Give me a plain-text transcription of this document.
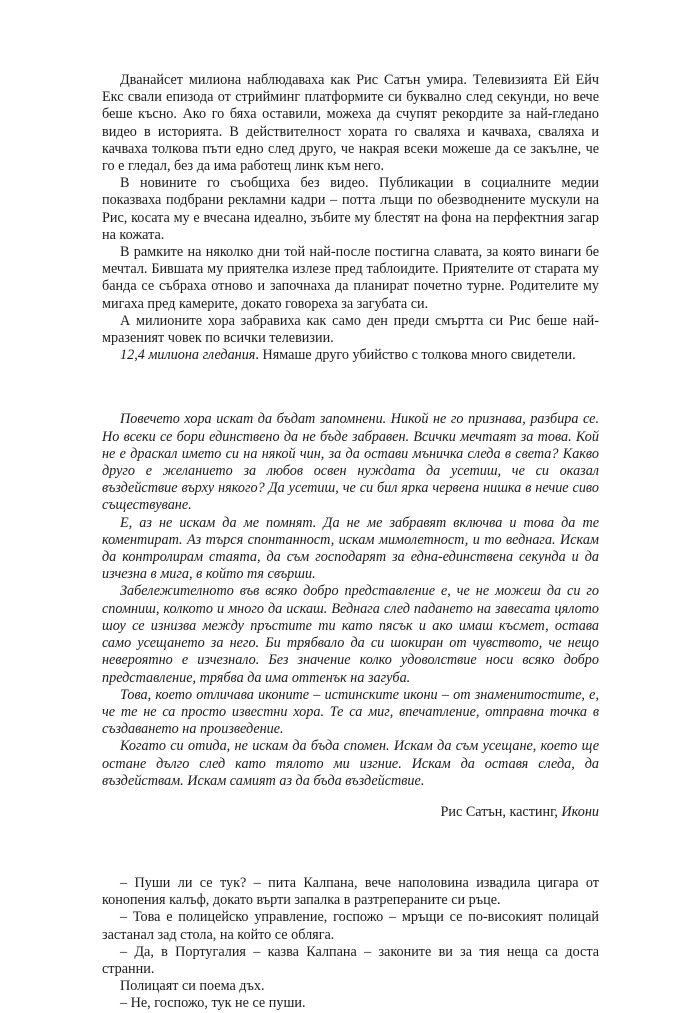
Дванайсет милиона наблюдаваха как Рис Сатън умира. Телевизията Ей Ейч Екс свали епизода от стрийминг платформите си буквално след секунди, но вече беше късно. Ако го бяха оставили, можеха да счупят рекордите за най-гледано видео в историята. В действителност хората го сваляха и качваха, сваляха и качваха толкова пъти едно след друго, че накрая всеки можеше да се закълне, че го е гледал, без да има работещ линк към него.

В новините го съобщиха без видео. Публикации в социалните медии показваха подбрани рекламни кадри – потта лъщи по обезводнените мускули на Рис, косата му е вчесана идеално, зъбите му блестят на фона на перфектния загар на кожата.

В рамките на няколко дни той най-после постигна славата, за която винаги бе мечтал. Бившата му приятелка излезе пред таблоидите. Приятелите от старата му банда се събраха отново и започнаха да планират почетно турне. Родителите му мигаха пред камерите, докато говореха за загубата си.

А милионите хора забравиха как само ден преди смъртта си Рис беше най-мразеният човек по всички телевизии.

12,4 милиона гледания. Нямаше друго убийство с толкова много свидетели.

Повечето хора искат да бъдат запомнени. Никой не го признава, разбира се. Но всеки се бори единствено да не бъде забравен. Всички мечтаят за това. Кой не е драскал името си на някой чин, за да остави мъничка следа в света? Какво друго е желанието за любов освен нуждата да усетиш, че си оказал въздействие върху някого? Да усетиш, че си бил ярка червена нишка в нечие сиво съществуване.

Е, аз не искам да ме помнят. Да не ме забравят включва и това да те коментират. Аз търся спонтанност, искам мимолетност, и то веднага. Искам да контролирам стаята, да съм господарят за една-единствена секунда и да изчезна в мига, в който тя свърши.

Забележителното във всяко добро представление е, че не можеш да си го спомниш, колкото и много да искаш. Веднага след падането на завесата цялото шоу се изнизва между пръстите ти като пясък и ако имаш късмет, остава само усещането за него. Би трябвало да си шокиран от чувството, че нещо невероятно е изчезнало. Без значение колко удоволствие носи всяко добро представление, трябва да има оттенък на загуба.

Това, което отличава иконите – истинските икони – от знаменитостите, е, че те не са просто известни хора. Те са миг, впечатление, отправна точка в създаването на произведение.

Когато си отида, не искам да бъда спомен. Искам да съм усещане, което ще остане дълго след като тялото ми изгние. Искам да оставя следа, да въздействам. Искам самият аз да бъда въздействие.

Рис Сатън, кастинг, Икони

– Пуши ли се тук? – пита Калпана, вече наполовина извадила цигара от конопения калъф, докато върти запалка в разтрепераните си ръце.

– Това е полицейско управление, госпожо – мръщи се по-високият полицай застанал зад стола, на който се обляга.

– Да, в Португалия – казва Калпана – законите ви за тия неща са доста странни.

Полицаят си поема дъх.

– Не, госпожо, тук не се пуши.
